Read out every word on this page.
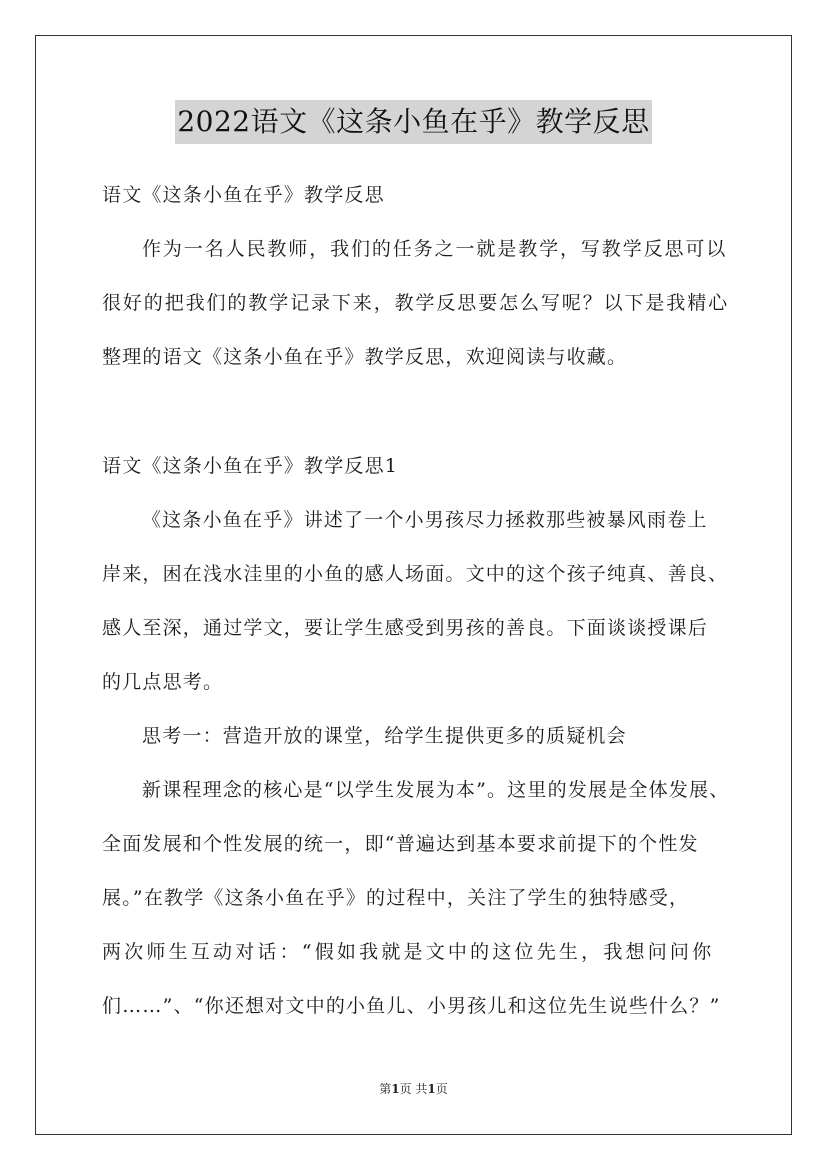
2022语文《这条小鱼在乎》教学反思
语文《这条小鱼在乎》教学反思
作为一名人民教师，我们的任务之一就是教学，写教学反思可以
很好的把我们的教学记录下来，教学反思要怎么写呢？以下是我精心
整理的语文《这条小鱼在乎》教学反思，欢迎阅读与收藏。
语文《这条小鱼在乎》教学反思1
《这条小鱼在乎》讲述了一个小男孩尽力拯救那些被暴风雨卷上
岸来，困在浅水洼里的小鱼的感人场面。文中的这个孩子纯真、善良、
感人至深，通过学文，要让学生感受到男孩的善良。下面谈谈授课后
的几点思考。
思考一：营造开放的课堂，给学生提供更多的质疑机会
新课程理念的核心是“以学生发展为本”。这里的发展是全体发展、
全面发展和个性发展的统一，即“普遍达到基本要求前提下的个性发
展。”在教学《这条小鱼在乎》的过程中，关注了学生的独特感受，
两次师生互动对话：“假如我就是文中的这位先生，我想问问你
们……”、“你还想对文中的小鱼儿、小男孩儿和这位先生说些什么？”
第1页 共1页
